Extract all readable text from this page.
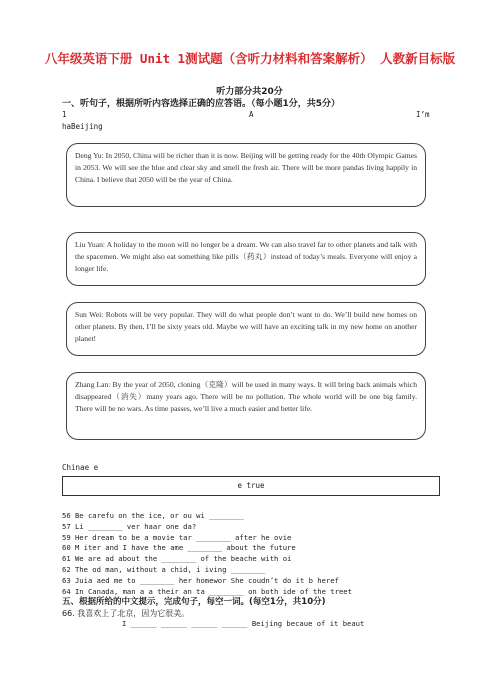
八年级英语下册 Unit 1测试题（含听力材料和答案解析） 人教新目标版
听力部分共20分
一、听句子，根据所听内容选择正确的应答语。（每小题1分，共5分）
1	A	I’m
haBeijing

Deng Yu: In 2050, China will be richer than it is now. Beijing will be getting ready for the 40th Olympic Games in 2053. We will see the blue and clear sky and smell the fresh air. There will be more pandas living happily in China. I believe that 2050 will be the year of China.

Liu Yuan: A holiday to the moon will no longer be a dream. We can also travel far to other planets and talk with the spacemen. We might also eat something like pills（药丸）instead of today’s meals. Everyone will enjoy a longer life.

Sun Wei: Robots will be very popular. They will do what people don’t want to do. We’ll build new homes on other planets. By then, I’ll be sixty years old. Maybe we will have an exciting talk in my new home on another planet!

Zhang Lan: By the year of 2050, cloning（克隆）will be used in many ways. It will bring back animals which disappeared（消失）many years ago. There will be no pollution. The whole world will be one big family. There will be no wars. As time passes, we’ll live a much easier and better life.

Chinae e
e true
56 Be carefu on the ice, or ou wi ________
57 Li ________ ver haar one da?
59 Her dream to be a movie tar ________ after he ovie
60 M iter and I have the ame ________ about the future
61 We are ad about the ________ of the beache with oi
62 The od man, without a chid, i iving ________
63 Juia aed me to ________ her homewor She coudn’t do it b heref
64 In Canada, man a a their an ta ________ on both ide of the treet
五、根据所给的中文提示，完成句子，每空一词。(每空1分，共10分)
66. 我喜欢上了北京，因为它很美。
I ______ ______ ______ ______ Beijing becaue of it beaut
